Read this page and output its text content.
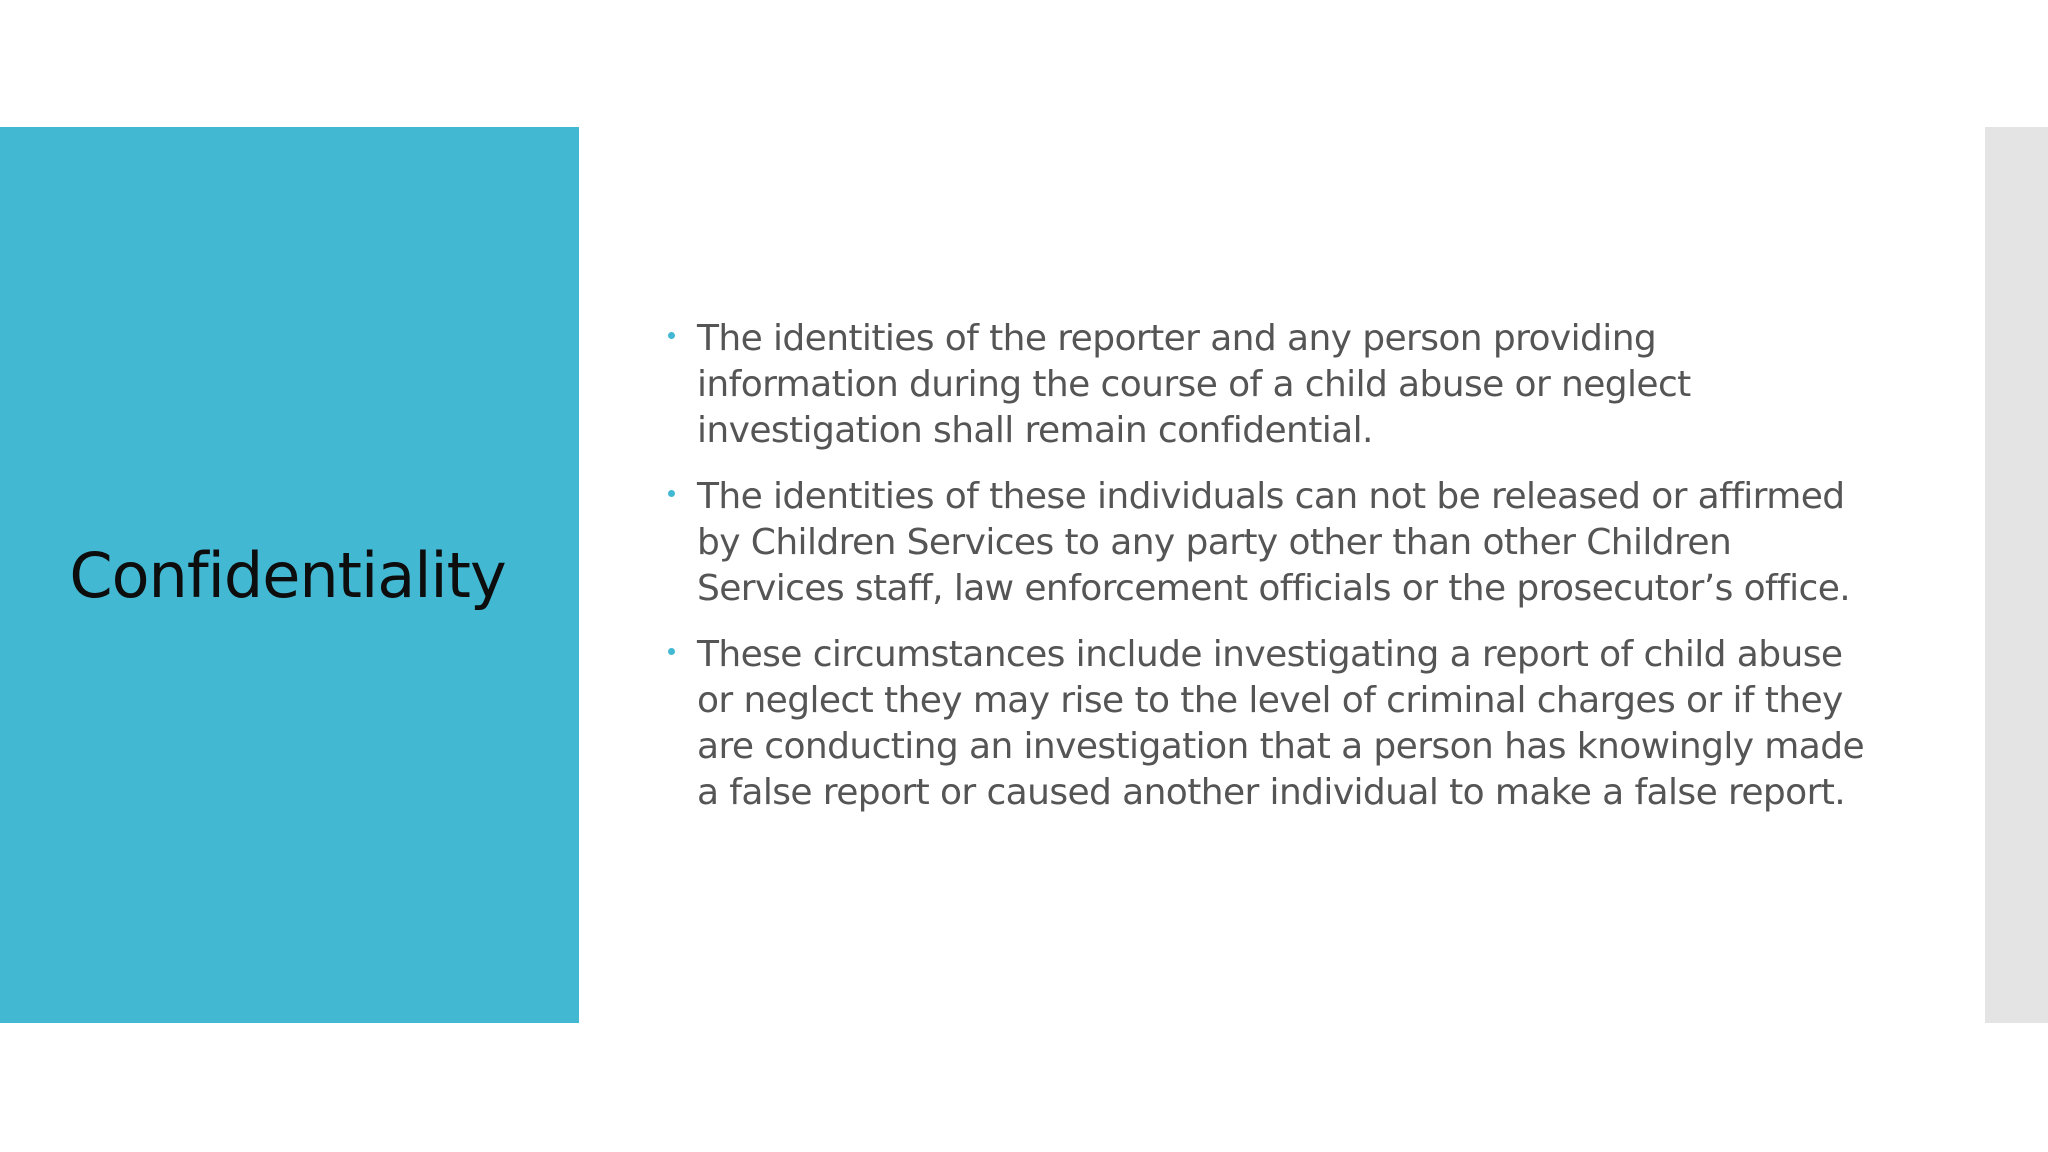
Confidentiality
The identities of the reporter and any person providing
information during the course of a child abuse or neglect
investigation shall remain confidential.
The identities of these individuals can not be released or affirmed
by Children Services to any party other than other Children
Services staff, law enforcement officials or the prosecutor’s office.
These circumstances include investigating a report of child abuse
or neglect they may rise to the level of criminal charges or if they
are conducting an investigation that a person has knowingly made
a false report or caused another individual to make a false report.
